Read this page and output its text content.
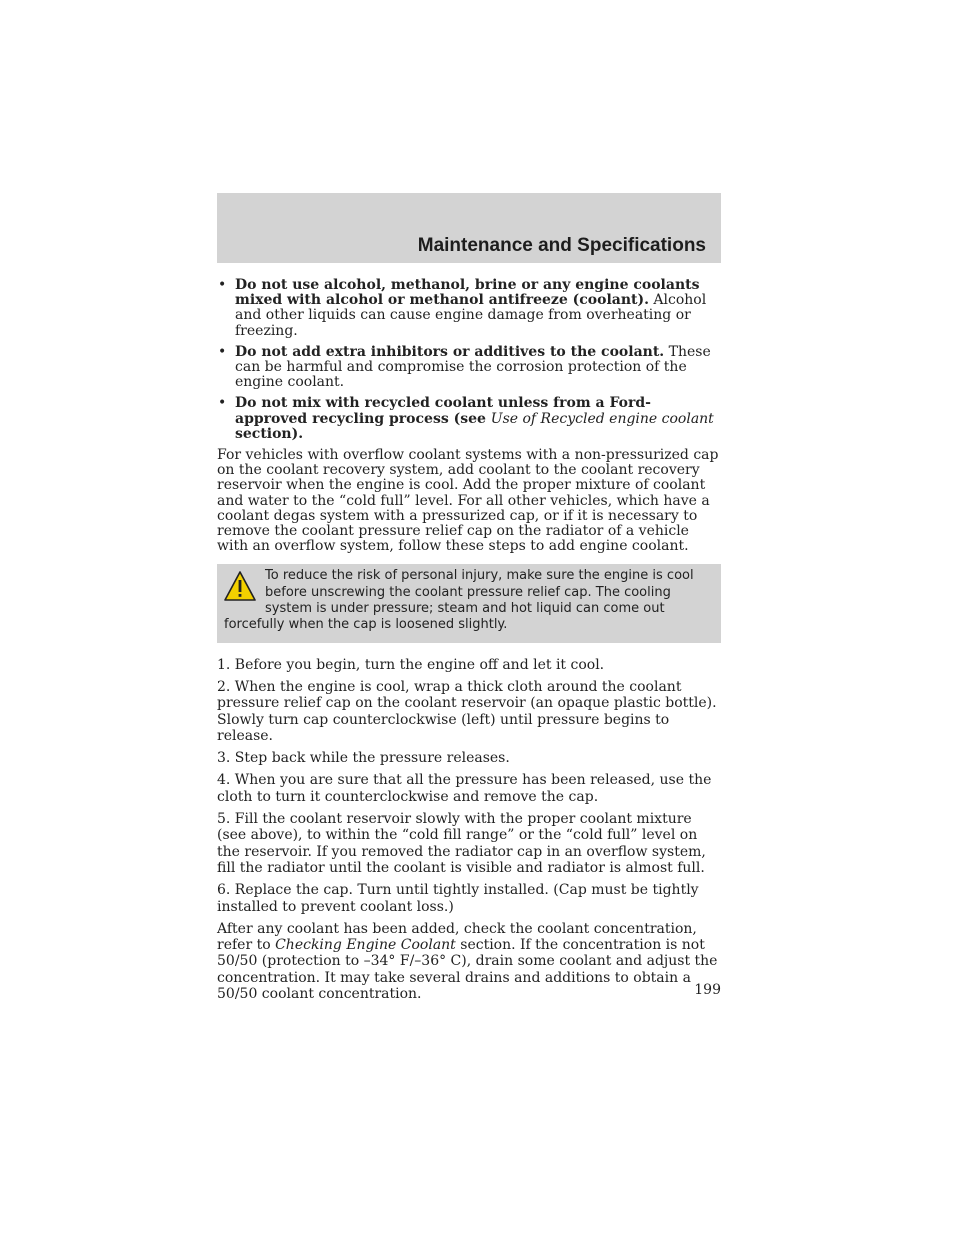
Maintenance and Specifications
• Do not use alcohol, methanol, brine or any engine coolants mixed with alcohol or methanol antifreeze (coolant). Alcohol and other liquids can cause engine damage from overheating or freezing.
• Do not add extra inhibitors or additives to the coolant. These can be harmful and compromise the corrosion protection of the engine coolant.
• Do not mix with recycled coolant unless from a Ford-approved recycling process (see Use of Recycled engine coolant section).

For vehicles with overflow coolant systems with a non-pressurized cap on the coolant recovery system, add coolant to the coolant recovery reservoir when the engine is cool. Add the proper mixture of coolant and water to the “cold full” level. For all other vehicles, which have a coolant degas system with a pressurized cap, or if it is necessary to remove the coolant pressure relief cap on the radiator of a vehicle with an overflow system, follow these steps to add engine coolant.

To reduce the risk of personal injury, make sure the engine is cool before unscrewing the coolant pressure relief cap. The cooling system is under pressure; steam and hot liquid can come out forcefully when the cap is loosened slightly.

1. Before you begin, turn the engine off and let it cool.

2. When the engine is cool, wrap a thick cloth around the coolant pressure relief cap on the coolant reservoir (an opaque plastic bottle). Slowly turn cap counterclockwise (left) until pressure begins to release.

3. Step back while the pressure releases.

4. When you are sure that all the pressure has been released, use the cloth to turn it counterclockwise and remove the cap.

5. Fill the coolant reservoir slowly with the proper coolant mixture (see above), to within the “cold fill range” or the “cold full” level on the reservoir. If you removed the radiator cap in an overflow system, fill the radiator until the coolant is visible and radiator is almost full.

6. Replace the cap. Turn until tightly installed. (Cap must be tightly installed to prevent coolant loss.)

After any coolant has been added, check the coolant concentration, refer to Checking Engine Coolant section. If the concentration is not 50/50 (protection to –34° F/–36° C), drain some coolant and adjust the concentration. It may take several drains and additions to obtain a 50/50 coolant concentration.	199
